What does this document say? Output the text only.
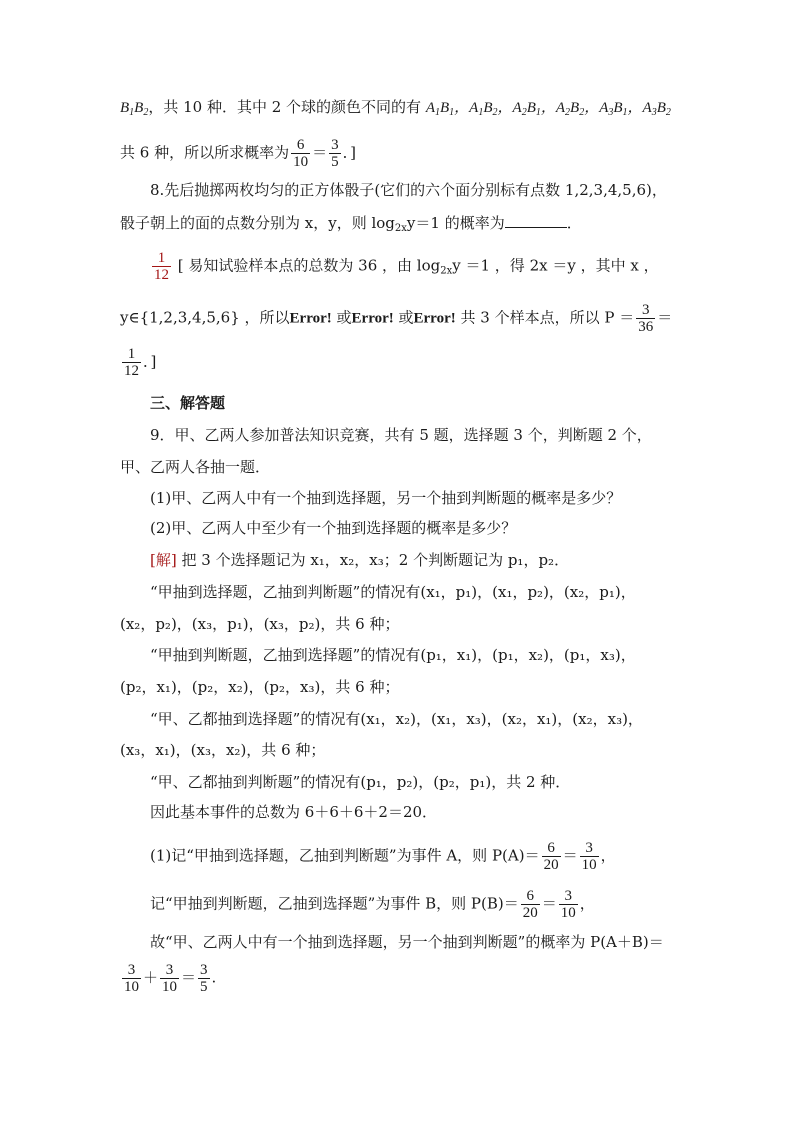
$B_1B_2$，共 10 种．其中 2 个球的颜色不同的有 $A_1B_1$，$A_1B_2$，$A_2B_1$，$A_2B_2$，$A_3B_1$，$A_3B_2$
共 6 种，所以所求概率为 $\frac{6}{10} = \frac{3}{5}$ ．]
8.先后抛掷两枚均匀的正方体骰子(它们的六个面分别标有点数 1,2,3,4,5,6)，
骰子朝上的面的点数分别为 x，y，则 $\log_{2x}y=1$ 的概率为	．
$\frac{1}{12}$ [ 易知试验样本点的总数为 36 ，由 $\log_{2x}y =1$ ，得 2x ＝y ，其中 x ，
y∈{1,2,3,4,5,6} ，所以Error! 或Error! 或Error! 共 3 个样本点，所以 $P = \frac{3}{36}$ ＝
$\frac{1}{12}$ ．]
三、解答题
9．甲、乙两人参加普法知识竞赛，共有 5 题，选择题 3 个，判断题 2 个，
甲、乙两人各抽一题．
(1)甲、乙两人中有一个抽到选择题，另一个抽到判断题的概率是多少？
(2)甲、乙两人中至少有一个抽到选择题的概率是多少？
[解] 把 3 个选择题记为 x₁，x₂，x₃；2 个判断题记为 p₁，p₂．
“甲抽到选择题，乙抽到判断题”的情况有(x₁，p₁)，(x₁，p₂)，(x₂，p₁)，
(x₂，p₂)，(x₃，p₁)，(x₃，p₂)，共 6 种；
“甲抽到判断题，乙抽到选择题”的情况有(p₁，x₁)，(p₁，x₂)，(p₁，x₃)，
(p₂，x₁)，(p₂，x₂)，(p₂，x₃)，共 6 种；
“甲、乙都抽到选择题”的情况有(x₁，x₂)，(x₁，x₃)，(x₂，x₁)，(x₂，x₃)，
(x₃，x₁)，(x₃，x₂)，共 6 种；
“甲、乙都抽到判断题”的情况有(p₁，p₂)，(p₂，p₁)，共 2 种．
因此基本事件的总数为 6＋6＋6＋2＝20．
(1)记“甲抽到选择题，乙抽到判断题”为事件 A，则 $P(A)= \frac{6}{20} = \frac{3}{10}$ ，
记“甲抽到判断题，乙抽到选择题”为事件 B，则 $P(B)= \frac{6}{20} = \frac{3}{10}$ ，
故“甲、乙两人中有一个抽到选择题，另一个抽到判断题”的概率为 P(A＋B)＝
$\frac{3}{10} + \frac{3}{10} = \frac{3}{5}$ .
